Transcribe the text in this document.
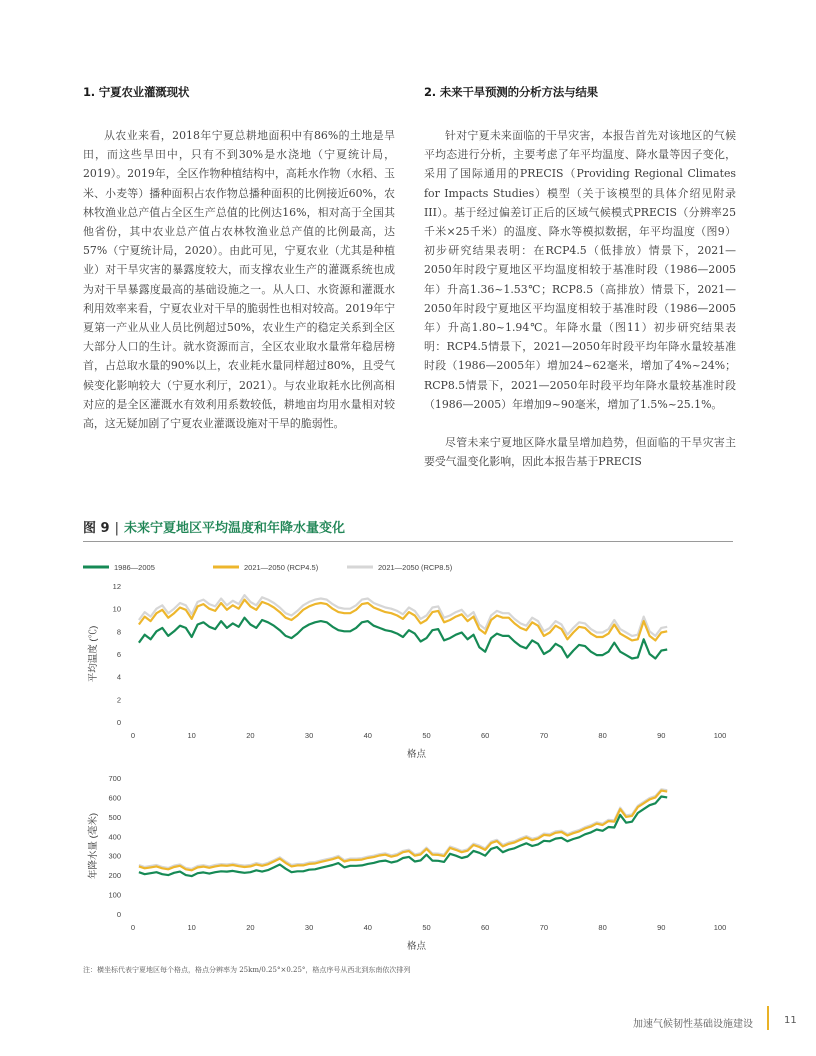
1. 宁夏农业灌溉现状

从农业来看，2018年宁夏总耕地面积中有86%的土地是旱田，而这些旱田中，只有不到30%是水浇地（宁夏统计局，2019）。2019年，全区作物种植结构中，高耗水作物（水稻、玉米、小麦等）播种面积占农作物总播种面积的比例接近60%，农林牧渔业总产值占全区生产总值的比例达16%，相对高于全国其他省份，其中农业总产值占农林牧渔业总产值的比例最高，达57%（宁夏统计局，2020）。由此可见，宁夏农业（尤其是种植业）对干旱灾害的暴露度较大，而支撑农业生产的灌溉系统也成为对干旱暴露度最高的基础设施之一。从人口、水资源和灌溉水利用效率来看，宁夏农业对干旱的脆弱性也相对较高。2019年宁夏第一产业从业人员比例超过50%，农业生产的稳定关系到全区大部分人口的生计。就水资源而言，全区农业取水量常年稳居榜首，占总取水量的90%以上，农业耗水量同样超过80%，且受气候变化影响较大（宁夏水利厅，2021）。与农业取耗水比例高相对应的是全区灌溉水有效利用系数较低，耕地亩均用水量相对较高，这无疑加剧了宁夏农业灌溉设施对干旱的脆弱性。

2. 未来干旱预测的分析方法与结果

针对宁夏未来面临的干旱灾害，本报告首先对该地区的气候平均态进行分析，主要考虑了年平均温度、降水量等因子变化，采用了国际通用的PRECIS（Providing Regional Climates for Impacts Studies）模型（关于该模型的具体介绍见附录III）。基于经过偏差订正后的区域气候模式PRECIS（分辨率25千米×25千米）的温度、降水等模拟数据，年平均温度（图9）初步研究结果表明：在RCP4.5（低排放）情景下，2021—2050年时段宁夏地区平均温度相较于基准时段（1986—2005年）升高1.36~1.53℃；RCP8.5（高排放）情景下，2021—2050年时段宁夏地区平均温度相较于基准时段（1986—2005年）升高1.80~1.94℃。年降水量（图11）初步研究结果表明：RCP4.5情景下，2021—2050年时段平均年降水量较基准时段（1986—2005年）增加24~62毫米，增加了4%~24%；RCP8.5情景下，2021—2050年时段平均年降水量较基准时段（1986—2005）年增加9~90毫米，增加了1.5%~25.1%。

尽管未来宁夏地区降水量呈增加趋势，但面临的干旱灾害主要受气温变化影响，因此本报告基于PRECIS

图 9 | 未来宁夏地区平均温度和年降水量变化
1986—2005	2021—2050 (RCP4.5)	2021—2050 (RCP8.5)
0
2
4
6
8
10
12
0	10	20	30	40	50	60	70	80	90	100
格点
平均温度 (℃)
0
100
200
300
400
500
600
700
0	10	20	30	40	50	60	70	80	90	100
格点
年降水量 (毫米)
注：横坐标代表宁夏地区每个格点，格点分辨率为 25km/0.25°×0.25°，格点序号从西北到东南依次排列
加速气候韧性基础设施建设	11
